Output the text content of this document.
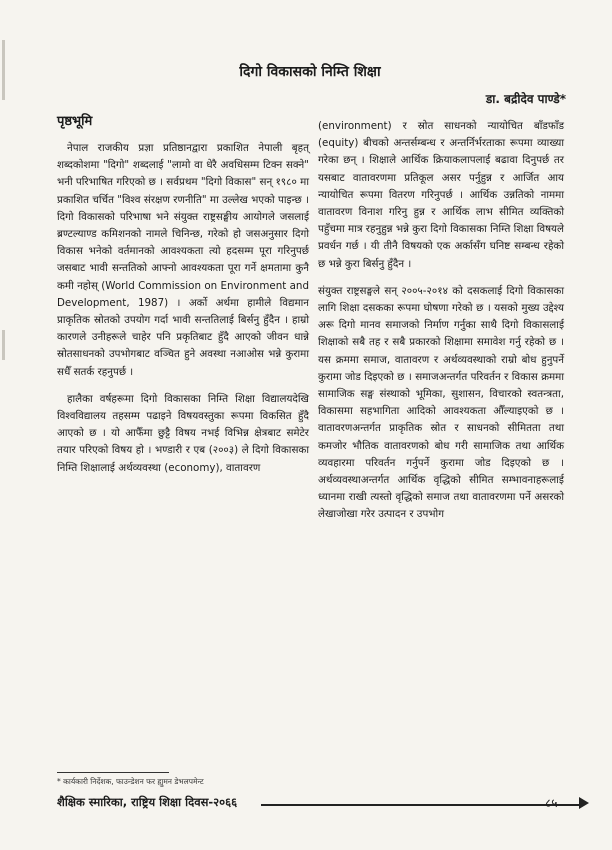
दिगो विकासको निम्ति शिक्षा
डा. बद्रीदेव पाण्डे*
पृष्ठभूमि

नेपाल राजकीय प्रज्ञा प्रतिष्ठानद्वारा प्रकाशित नेपाली बृहत् शब्दकोशमा "दिगो" शब्दलाई "लामो वा धेरै अवधिसम्म टिक्न सक्ने" भनी परिभाषित गरिएको छ । सर्वप्रथम "दिगो विकास" सन् १९८० मा प्रकाशित चर्चित "विश्व संरक्षण रणनीति" मा उल्लेख भएको पाइन्छ । दिगो विकासको परिभाषा भने संयुक्त राष्ट्रसङ्घीय आयोगले जसलाई ब्रण्टल्याण्ड कमिशनको नामले चिनिन्छ, गरेको हो जसअनुसार दिगो विकास भनेको वर्तमानको आवश्यकता त्यो हदसम्म पूरा गरिनुपर्छ जसबाट भावी सन्ततिको आफ्नो आवश्यकता पूरा गर्ने क्षमतामा कुनै कमी नहोस् (World Commission on Environment and Development, 1987) । अर्को अर्थमा हामीले विद्यमान प्राकृतिक स्रोतको उपयोग गर्दा भावी सन्ततिलाई बिर्सनु हुँदैन । हाम्रो कारणले उनीहरूले चाहेर पनि प्रकृतिबाट हुँदै आएको जीवन धान्ने स्रोतसाधनको उपभोगबाट वञ्चित हुने अवस्था नआओस भन्ने कुरामा सधैँ सतर्क रहनुपर्छ ।

हालैका वर्षहरूमा दिगो विकासका निम्ति शिक्षा विद्यालयदेखि विश्वविद्यालय तहसम्म पढाइने विषयवस्तुका रूपमा विकसित हुँदै आएको छ । यो आफैँमा छुट्टै विषय नभई विभिन्न क्षेत्रबाट समेटेर तयार परिएको विषय हो । भण्डारी र एब (२००३) ले दिगो विकासका निम्ति शिक्षालाई अर्थव्यवस्था (economy), वातावरण

(environment) र स्रोत साधनको न्यायोचित बाँडफाँड (equity) बीचको अन्तर्सम्बन्ध र अन्तर्निर्भरताका रूपमा व्याख्या गरेका छन् । शिक्षाले आर्थिक क्रियाकलापलाई बढावा दिनुपर्छ तर यसबाट वातावरणमा प्रतिकूल असर पर्नुहुन्न र आर्जित आय न्यायोचित रूपमा वितरण गरिनुपर्छ । आर्थिक उन्नतिको नाममा वातावरण विनाश गरिनु हुन्न र आर्थिक लाभ सीमित व्यक्तिको पहुँचमा मात्र रहनुहुन्न भन्ने कुरा दिगो विकासका निम्ति शिक्षा विषयले प्रवर्धन गर्छ । यी तीनै विषयको एक अर्कासँग घनिष्ट सम्बन्ध रहेको छ भन्ने कुरा बिर्सनु हुँदैन ।

संयुक्त राष्ट्रसङ्घले सन् २००५-२०१४ को दसकलाई दिगो विकासका लागि शिक्षा दसकका रूपमा घोषणा गरेको छ । यसको मुख्य उद्देश्य अरू दिगो मानव समाजको निर्माण गर्नुका साथै दिगो विकासलाई शिक्षाको सबै तह र सबै प्रकारको शिक्षामा समावेश गर्नु रहेको छ । यस क्रममा समाज, वातावरण र अर्थव्यवस्थाको राम्रो बोध हुनुपर्ने कुरामा जोड दिइएको छ । समाजअन्तर्गत परिवर्तन र विकास क्रममा सामाजिक सङ्घ संस्थाको भूमिका, सुशासन, विचारको स्वतन्त्रता, विकासमा सहभागिता आदिको आवश्यकता औँल्याइएको छ । वातावरणअन्तर्गत प्राकृतिक स्रोत र साधनको सीमितता तथा कमजोर भौतिक वातावरणको बोध गरी सामाजिक तथा आर्थिक व्यवहारमा परिवर्तन गर्नुपर्ने कुरामा जोड दिइएको छ । अर्थव्यवस्थाअन्तर्गत आर्थिक वृद्धिको सीमित सम्भावनाहरूलाई ध्यानमा राखी त्यस्तो वृद्धिको समाज तथा वातावरणमा पर्ने असरको लेखाजोखा गरेर उत्पादन र उपभोग

* कार्यकारी निर्देशक, फाउन्डेशन फर ह्युमन डेभलपमेन्ट
शैक्षिक स्मारिका, राष्ट्रिय शिक्षा दिवस-२०६६	८५
